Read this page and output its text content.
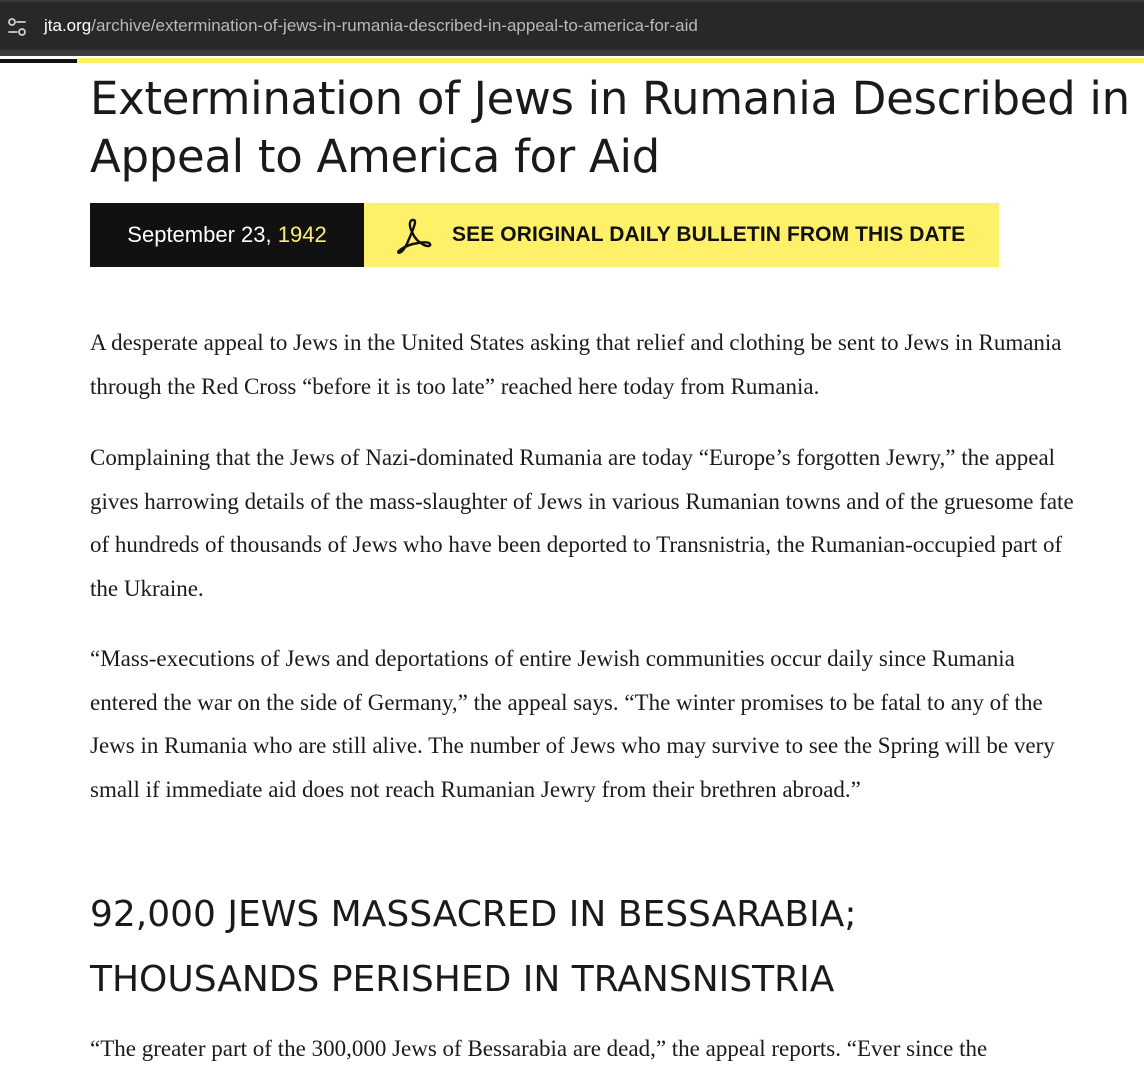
jta.org/archive/extermination-of-jews-in-rumania-described-in-appeal-to-america-for-aid
Extermination of Jews in Rumania Described in
Appeal to America for Aid
September 23, 1942	SEE ORIGINAL DAILY BULLETIN FROM THIS DATE

A desperate appeal to Jews in the United States asking that relief and clothing be sent to Jews in Rumania through the Red Cross “before it is too late” reached here today from Rumania.

Complaining that the Jews of Nazi-dominated Rumania are today “Europe’s forgotten Jewry,” the appeal gives harrowing details of the mass-slaughter of Jews in various Rumanian towns and of the gruesome fate of hundreds of thousands of Jews who have been deported to Transnistria, the Rumanian-occupied part of the Ukraine.

“Mass-executions of Jews and deportations of entire Jewish communities occur daily since Rumania entered the war on the side of Germany,” the appeal says. “The winter promises to be fatal to any of the Jews in Rumania who are still alive. The number of Jews who may survive to see the Spring will be very small if immediate aid does not reach Rumanian Jewry from their brethren abroad.”

92,000 JEWS MASSACRED IN BESSARABIA;
THOUSANDS PERISHED IN TRANSNISTRIA

“The greater part of the 300,000 Jews of Bessarabia are dead,” the appeal reports. “Ever since the
